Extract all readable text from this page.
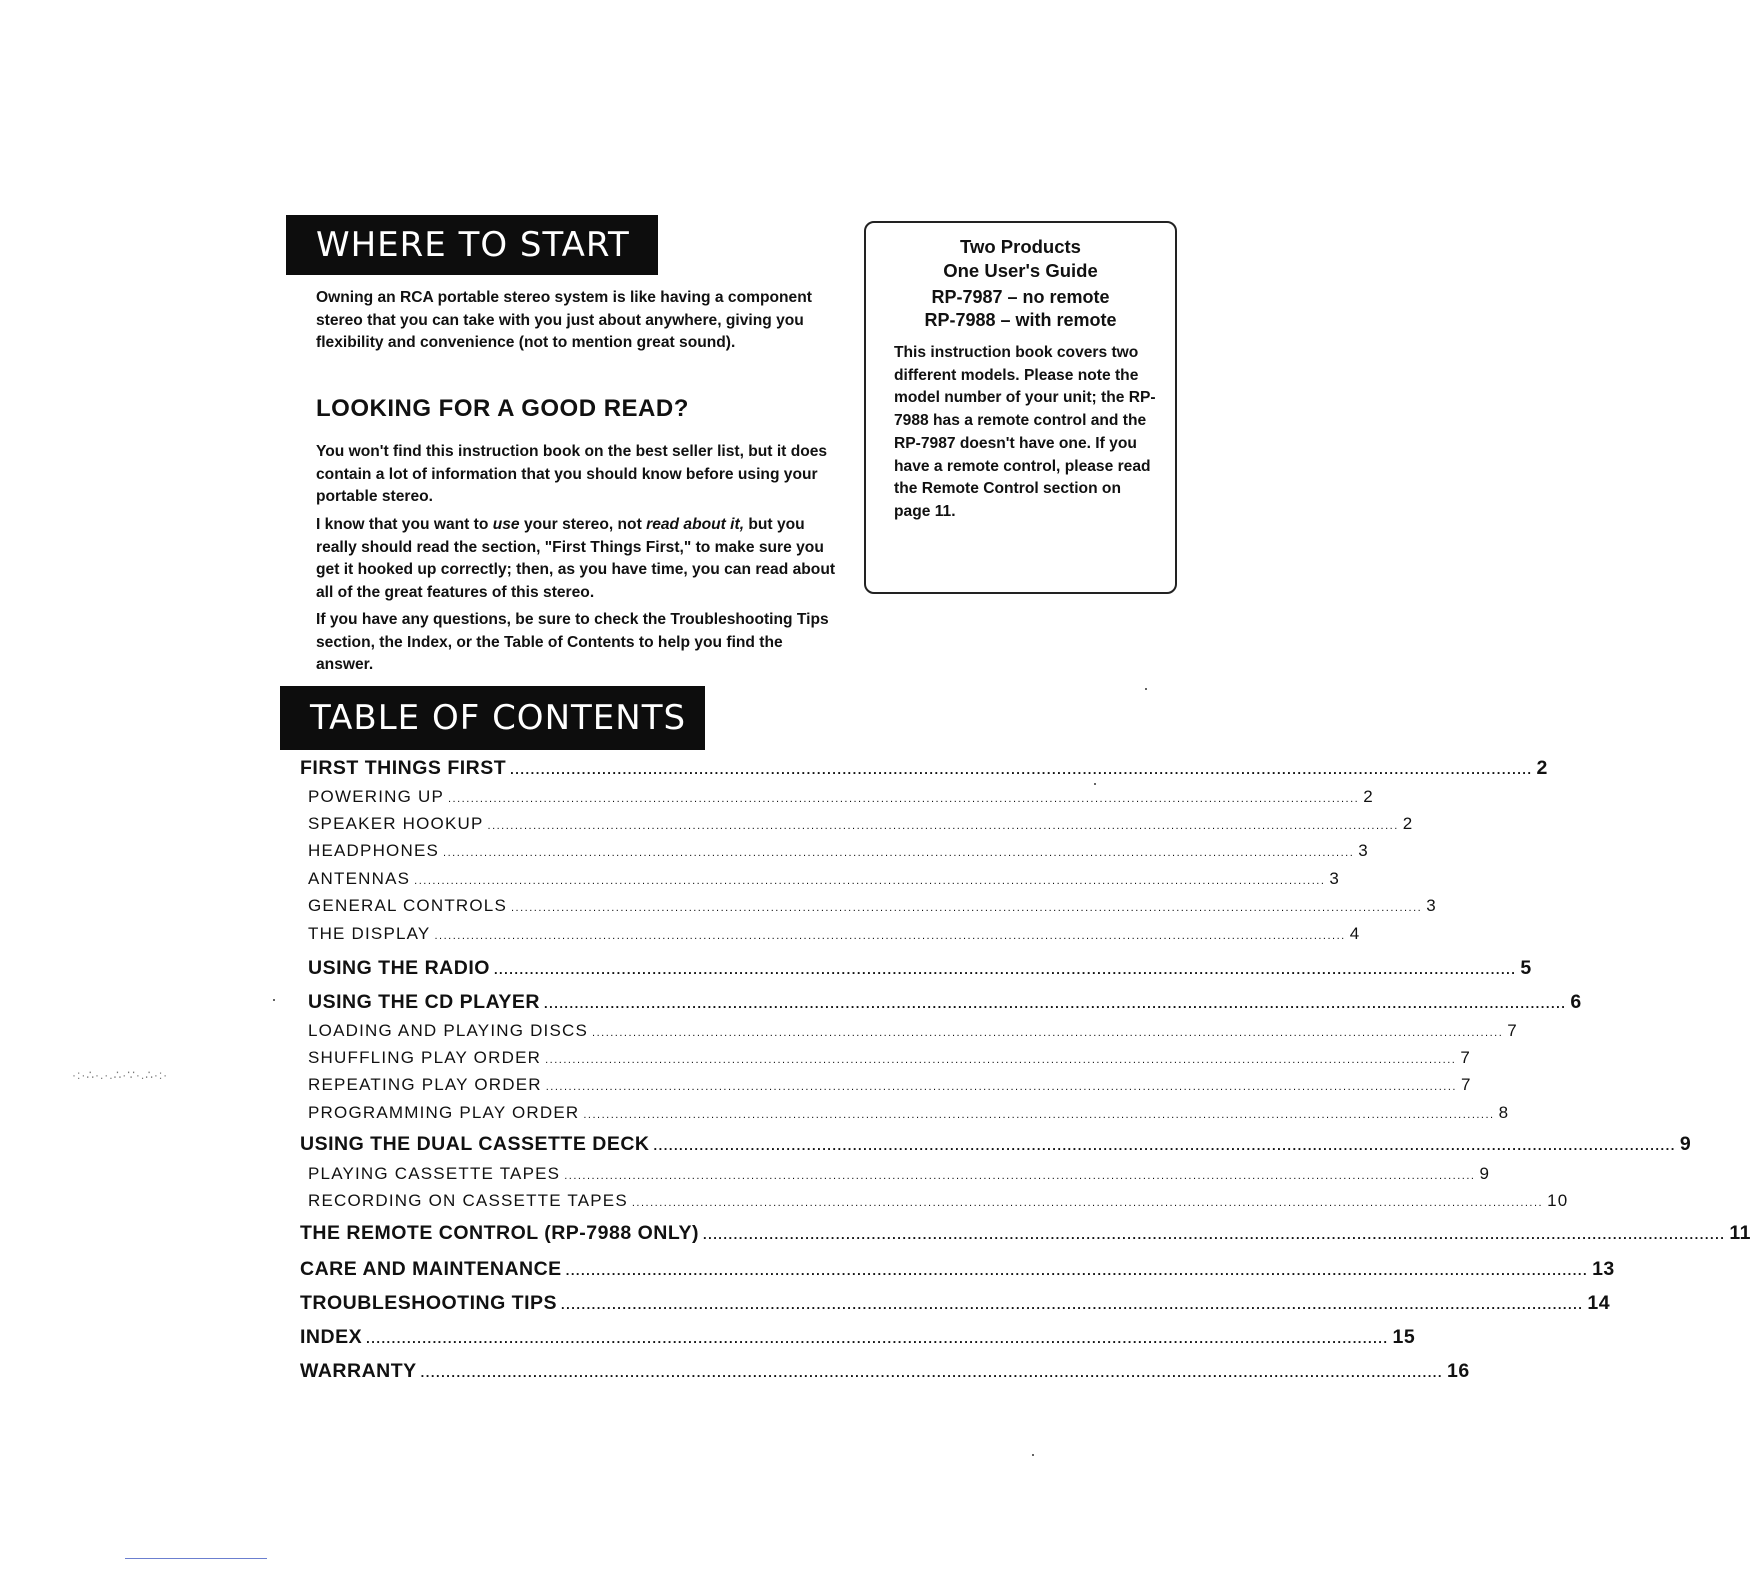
WHERE TO START

Owning an RCA portable stereo system is like having a component stereo that you can take with you just about anywhere, giving you flexibility and convenience (not to mention great sound).

LOOKING FOR A GOOD READ?

You won't find this instruction book on the best seller list, but it does contain a lot of information that you should know before using your portable stereo.

I know that you want to use your stereo, not read about it, but you really should read the section, "First Things First," to make sure you get it hooked up correctly; then, as you have time, you can read about all of the great features of this stereo.

If you have any questions, be sure to check the Troubleshooting Tips section, the Index, or the Table of Contents to help you find the answer.

Two Products
One User's Guide
RP-7987 – no remote
RP-7988 – with remote
This instruction book covers two different models. Please note the model number of your unit; the RP-7988 has a remote control and the RP-7987 doesn't have one. If you have a remote control, please read the Remote Control section on page 11.
TABLE OF CONTENTS
FIRST THINGS FIRST ........................................................................................................................................................................................................ 2
POWERING UP ........................................................................................................................................................................................................ 2
SPEAKER HOOKUP ........................................................................................................................................................................................................ 2
HEADPHONES ........................................................................................................................................................................................................ 3
ANTENNAS ........................................................................................................................................................................................................ 3
GENERAL CONTROLS ........................................................................................................................................................................................................ 3
THE DISPLAY ........................................................................................................................................................................................................ 4
USING THE RADIO ........................................................................................................................................................................................................ 5
USING THE CD PLAYER ........................................................................................................................................................................................................ 6
LOADING AND PLAYING DISCS ........................................................................................................................................................................................................ 7
SHUFFLING PLAY ORDER ........................................................................................................................................................................................................ 7
REPEATING PLAY ORDER ........................................................................................................................................................................................................ 7
PROGRAMMING PLAY ORDER ........................................................................................................................................................................................................ 8
USING THE DUAL CASSETTE DECK ........................................................................................................................................................................................................ 9
PLAYING CASSETTE TAPES ........................................................................................................................................................................................................ 9
RECORDING ON CASSETTE TAPES ........................................................................................................................................................................................................ 10
THE REMOTE CONTROL (RP-7988 ONLY) ........................................................................................................................................................................................................ 11
CARE AND MAINTENANCE ........................................................................................................................................................................................................ 13
TROUBLESHOOTING TIPS ........................................................................................................................................................................................................ 14
INDEX ........................................................................................................................................................................................................ 15
WARRANTY ........................................................................................................................................................................................................ 16
·:·∴·.·.∴·∵·.∴·:·
